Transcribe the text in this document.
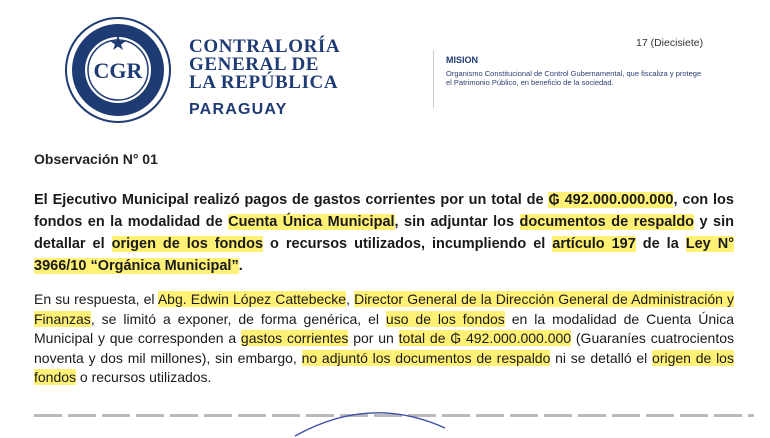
CGR
CONTRALORÍA
GENERAL DE
LA REPÚBLICA
PARAGUAY
MISION
Organismo Constitucional de Control Gubernamental, que fiscaliza y protege el Patrimonio Público, en beneficio de la sociedad.
17 (Diecisiete)
Observación N° 01
El Ejecutivo Municipal realizó pagos de gastos corrientes por un total de ₲ 492.000.000.000, con los fondos en la modalidad de Cuenta Única Municipal, sin adjuntar los documentos de respaldo y sin detallar el origen de los fondos o recursos utilizados, incumpliendo el artículo 197 de la Ley N° 3966/10 “Orgánica Municipal”.
En su respuesta, el Abg. Edwin López Cattebecke, Director General de la Dirección General de Administración y Finanzas, se limitó a exponer, de forma genérica, el uso de los fondos en la modalidad de Cuenta Única Municipal y que corresponden a gastos corrientes por un total de ₲ 492.000.000.000 (Guaraníes cuatrocientos noventa y dos mil millones), sin embargo, no adjuntó los documentos de respaldo ni se detalló el origen de los fondos o recursos utilizados.
